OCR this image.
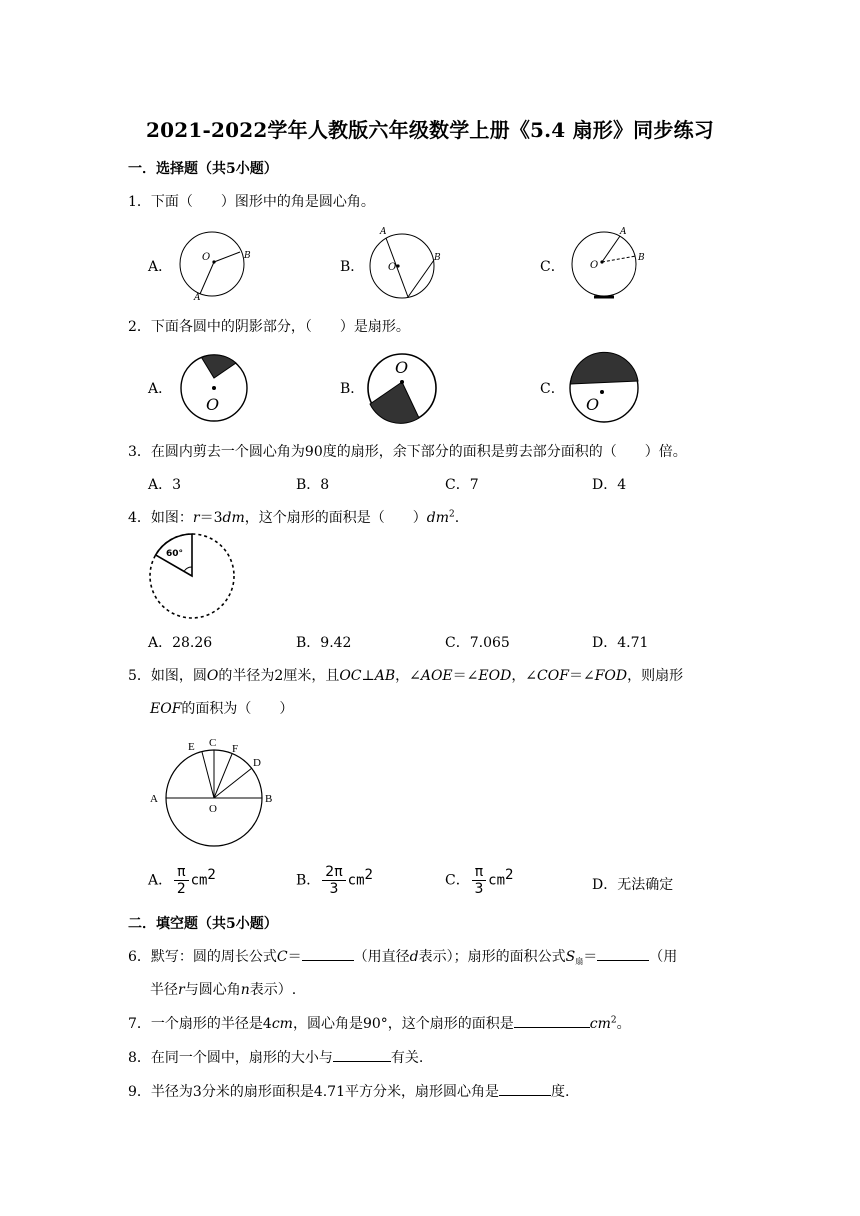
2021-2022学年人教版六年级数学上册《5.4 扇形》同步练习
一．选择题（共5小题）
1．下面（　　）图形中的角是圆心角。
A．	B．	C．
O	B
A
O
A
B
O
A
B
2．下面各圆中的阴影部分，（　　）是扇形。
A．	B．	C．
O
O
O
3．在圆内剪去一个圆心角为90度的扇形，余下部分的面积是剪去部分面积的（　　）倍。
A．3	B．8	C．7	D．4
4．如图：r＝3dm，这个扇形的面积是（　　）$dm^2$.
60°
A．28.26	B．9.42	C．7.065	D．4.71
5．如图，圆O的半径为2厘米，且OC⊥AB，∠AOE＝∠EOD，∠COF＝∠FOD，则扇形
EOF的面积为（　　）
A	B
C
D
E	F
O
A． $\frac{\pi}{2} cm^2$	B． $\frac{2\pi}{3} cm^2$	C． $\frac{\pi}{3} cm^2$
D．无法确定
二．填空题（共5小题）
6．默写：圆的周长公式C＝	（用直径d表示）；扇形的面积公式$S_扇=$	（用
半径r与圆心角n表示）.
7．一个扇形的半径是4cm，圆心角是90°，这个扇形的面积是	$cm^2$。
8．在同一个圆中，扇形的大小与	有关.
9．半径为3分米的扇形面积是4.71平方分米，扇形圆心角是	度.
